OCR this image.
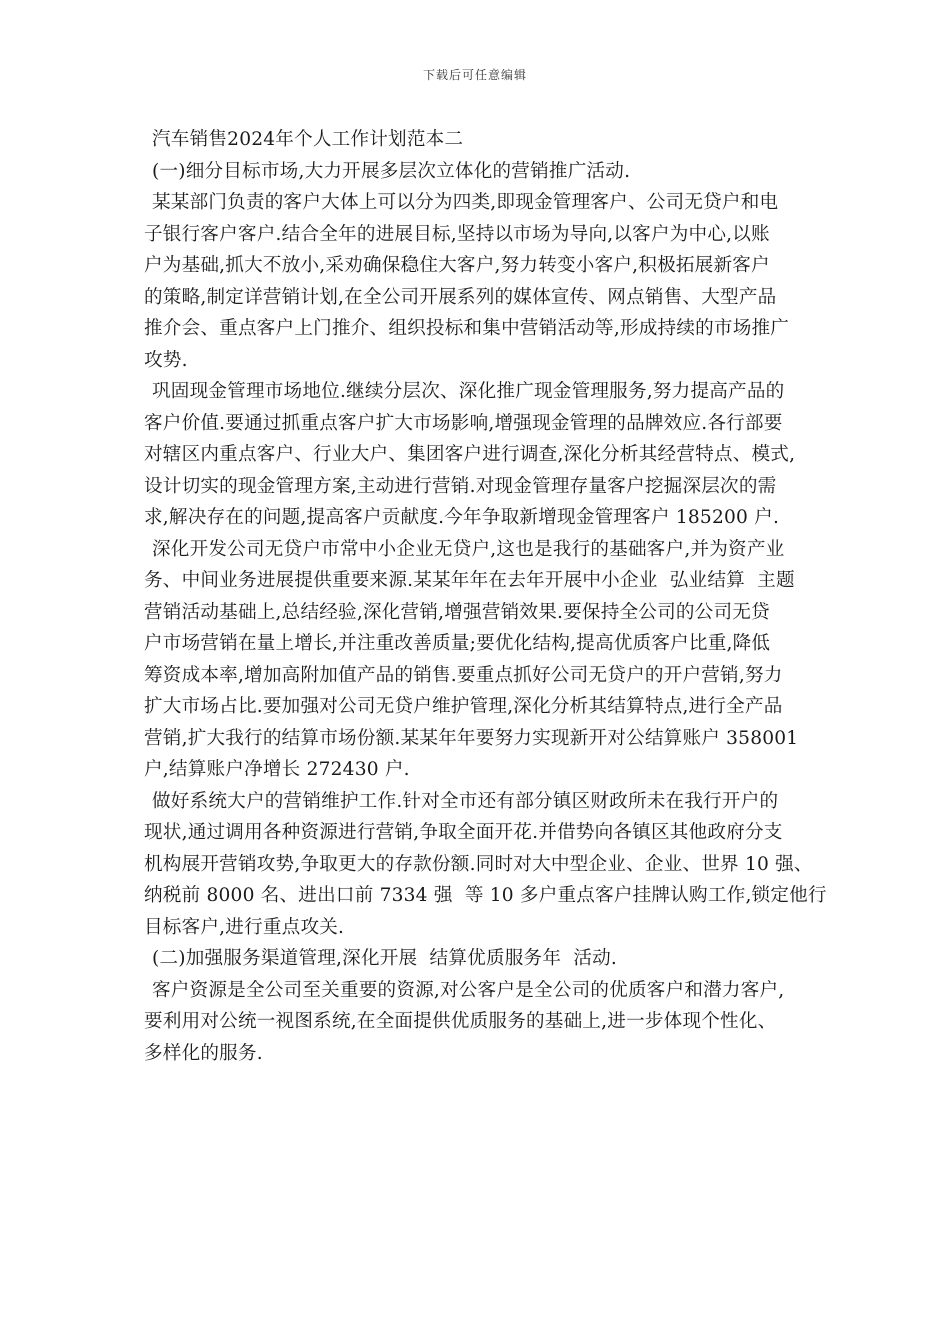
下载后可任意编辑
汽车销售2024年个人工作计划范本二
(一)细分目标市场,大力开展多层次立体化的营销推广活动.
某某部门负责的客户大体上可以分为四类,即现金管理客户、公司无贷户和电
子银行客户客户.结合全年的进展目标,坚持以市场为导向,以客户为中心,以账
户为基础,抓大不放小,采劝确保稳住大客户,努力转变小客户,积极拓展新客户
的策略,制定详营销计划,在全公司开展系列的媒体宣传、网点销售、大型产品
推介会、重点客户上门推介、组织投标和集中营销活动等,形成持续的市场推广
攻势.
巩固现金管理市场地位.继续分层次、深化推广现金管理服务,努力提高产品的
客户价值.要通过抓重点客户扩大市场影响,增强现金管理的品牌效应.各行部要
对辖区内重点客户、行业大户、集团客户进行调查,深化分析其经营特点、模式,
设计切实的现金管理方案,主动进行营销.对现金管理存量客户挖掘深层次的需
求,解决存在的问题,提高客户贡献度.今年争取新增现金管理客户 185200 户.
深化开发公司无贷户市常中小企业无贷户,这也是我行的基础客户,并为资产业
务、中间业务进展提供重要来源.某某年年在去年开展中小企业  弘业结算  主题
营销活动基础上,总结经验,深化营销,增强营销效果.要保持全公司的公司无贷
户市场营销在量上增长,并注重改善质量;要优化结构,提高优质客户比重,降低
筹资成本率,增加高附加值产品的销售.要重点抓好公司无贷户的开户营销,努力
扩大市场占比.要加强对公司无贷户维护管理,深化分析其结算特点,进行全产品
营销,扩大我行的结算市场份额.某某年年要努力实现新开对公结算账户 358001
户,结算账户净增长 272430 户.
做好系统大户的营销维护工作.针对全市还有部分镇区财政所未在我行开户的
现状,通过调用各种资源进行营销,争取全面开花.并借势向各镇区其他政府分支
机构展开营销攻势,争取更大的存款份额.同时对大中型企业、企业、世界 10 强、
纳税前 8000 名、进出口前 7334 强  等 10 多户重点客户挂牌认购工作,锁定他行
目标客户,进行重点攻关.
(二)加强服务渠道管理,深化开展  结算优质服务年  活动.
客户资源是全公司至关重要的资源,对公客户是全公司的优质客户和潜力客户,
要利用对公统一视图系统,在全面提供优质服务的基础上,进一步体现个性化、
多样化的服务.
